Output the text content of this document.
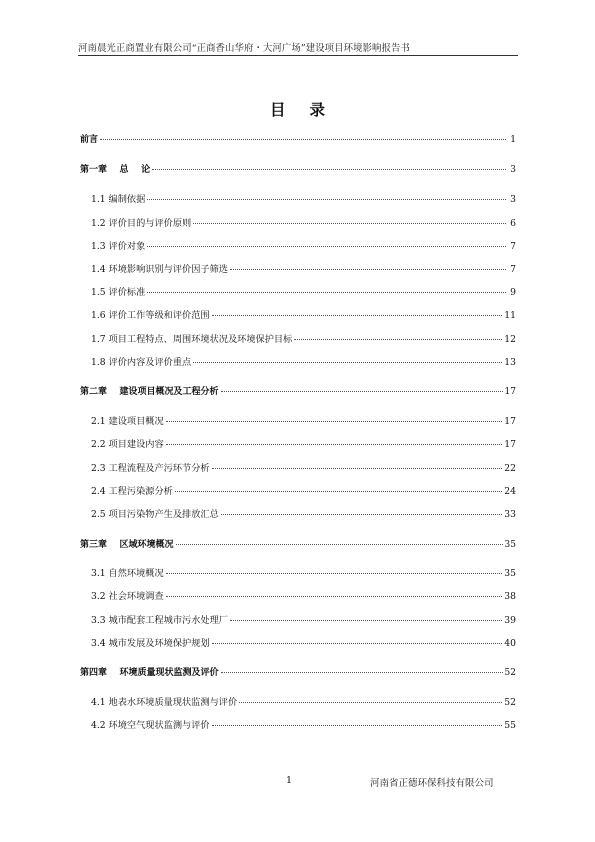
河南晨光正商置业有限公司“正商香山华府・大河广场”建设项目环境影响报告书
目录
前言	1
第一章    总    论	3
1.1 编制依据	3
1.2 评价目的与评价原则	6
1.3 评价对象	7
1.4 环境影响识别与评价因子筛选	7
1.5 评价标准	9
1.6 评价工作等级和评价范围	11
1.7 项目工程特点、周围环境状况及环境保护目标	12
1.8 评价内容及评价重点	13
第二章    建设项目概况及工程分析	17
2.1 建设项目概况	17
2.2 项目建设内容	17
2.3 工程流程及产污环节分析	22
2.4 工程污染源分析	24
2.5 项目污染物产生及排放汇总	33
第三章    区域环境概况	35
3.1 自然环境概况	35
3.2 社会环境调查	38
3.3 城市配套工程城市污水处理厂	39
3.4 城市发展及环境保护规划	40
第四章    环境质量现状监测及评价	52
4.1 地表水环境质量现状监测与评价	52
4.2 环境空气现状监测与评价	55
1	河南省正德环保科技有限公司
